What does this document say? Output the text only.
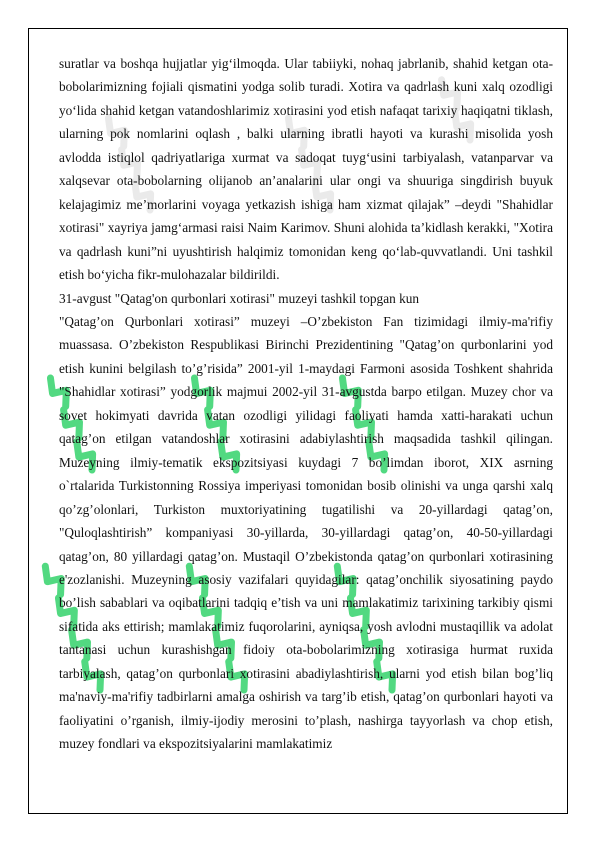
suratlar va boshqa hujjatlar yig‘ilmoqda. Ular tabiiyki, nohaq jabrlanib, shahid ketgan ota-bobolarimizning fojiali qismatini yodga solib turadi. Xotira va qadrlash kuni xalq ozodligi yo‘lida shahid ketgan vatandoshlarimiz xotirasini yod etish nafaqat tarixiy haqiqatni tiklash, ularning pok nomlarini oqlash , balki ularning ibratli hayoti va kurashi misolida yosh avlodda istiqlol qadriyatlariga xurmat va sadoqat tuyg‘usini tarbiyalash, vatanparvar va xalqsevar ota-bobolarning olijanob an’analarini ular ongi va shuuriga singdirish buyuk kelajagimiz me’morlarini voyaga yetkazish ishiga ham xizmat qilajak” –deydi "Shahidlar xotirasi" xayriya jamg‘armasi raisi Naim Karimov. Shuni alohida ta’kidlash kerakki, "Xotira va qadrlash kuni”ni uyushtirish halqimiz tomonidan keng qo‘lab-quvvatlandi. Uni tashkil etish bo‘yicha fikr-mulohazalar bildirildi.

31-avgust "Qatag'on qurbonlari xotirasi" muzeyi tashkil topgan kun

"Qatag’on Qurbonlari xotirasi” muzeyi –O’zbekiston Fan tizimidagi ilmiy-ma'rifiy muassasa. O’zbekiston Respublikasi Birinchi Prezidentining "Qatag’on qurbonlarini yod etish kunini belgilash to’g’risida” 2001-yil 1-maydagi Farmoni asosida Toshkent shahrida "Shahidlar xotirasi” yodgorlik majmui 2002-yil 31-avgustda barpo etilgan. Muzey chor va sovet hokimyati davrida vatan ozodligi yilidagi faoliyati hamda xatti-harakati uchun qatag’on etilgan vatandoshlar xotirasini adabiylashtirish maqsadida tashkil qilingan. Muzeyning ilmiy-tematik ekspozitsiyasi kuydagi 7 bo’limdan iborot, XIX asrning o`rtalarida Turkistonning Rossiya imperiyasi tomonidan bosib olinishi va unga qarshi xalq qo’zg’olonlari, Turkiston muxtoriyatining tugatilishi va 20-yillardagi qatag’on, "Quloqlashtirish” kompaniyasi 30-yillarda, 30-yillardagi qatag’on, 40-50-yillardagi qatag’on, 80 yillardagi qatag’on. Mustaqil O’zbekistonda qatag’on qurbonlari xotirasining e'zozlanishi. Muzeyning asosiy vazifalari quyidagilar: qatag’onchilik siyosatining paydo bo’lish sabablari va oqibatlarini tadqiq e’tish va uni mamlakatimiz tarixining tarkibiy qismi sifatida aks ettirish; mamlakatimiz fuqorolarini, ayniqsa, yosh avlodni mustaqillik va adolat tantanasi uchun kurashishgan fidoiy ota-bobolarimizning xotirasiga hurmat ruxida tarbiyalash, qatag’on qurbonlari xotirasini abadiylashtirish, ularni yod etish bilan bog’liq ma'naviy-ma'rifiy tadbirlarni amalga oshirish va targ’ib etish, qatag’on qurbonlari hayoti va faoliyatini o’rganish, ilmiy-ijodiy merosini to’plash, nashirga tayyorlash va chop etish, muzey fondlari va ekspozitsiyalarini mamlakatimiz
